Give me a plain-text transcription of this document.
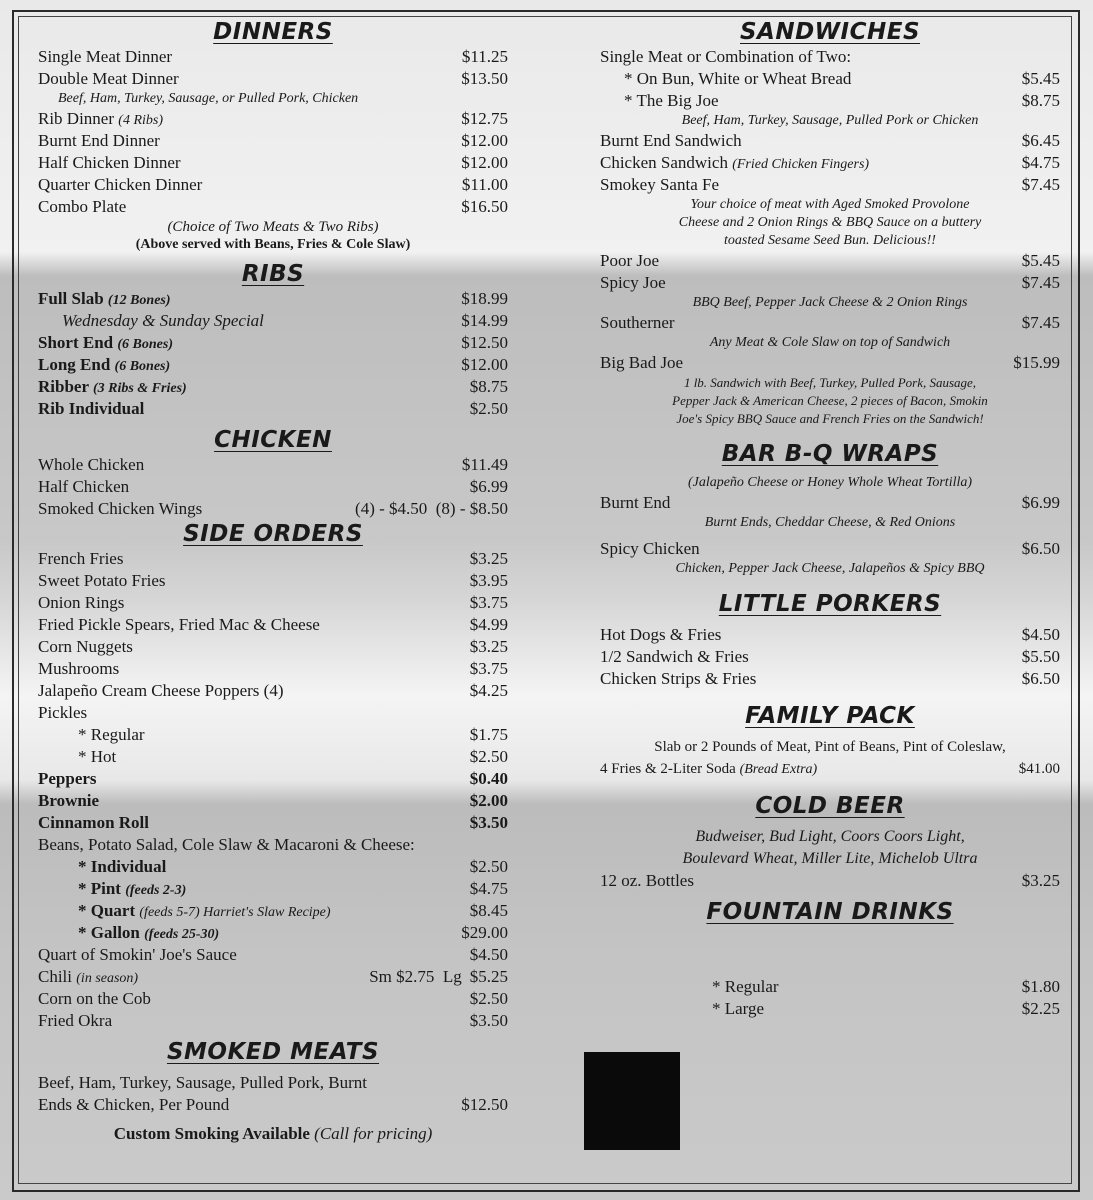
DINNERS
Single Meat Dinner	$11.25
Double Meat Dinner	$13.50
Beef, Ham, Turkey, Sausage, or Pulled Pork, Chicken
Rib Dinner (4 Ribs)	$12.75
Burnt End Dinner	$12.00
Half Chicken Dinner	$12.00
Quarter Chicken Dinner	$11.00
Combo Plate	$16.50
(Choice of Two Meats & Two Ribs)
(Above served with Beans, Fries & Cole Slaw)
RIBS
Full Slab (12 Bones)	$18.99
Wednesday & Sunday Special	$14.99
Short End (6 Bones)	$12.50
Long End (6 Bones)	$12.00
Ribber (3 Ribs & Fries)	$8.75
Rib Individual	$2.50
CHICKEN
Whole Chicken	$11.49
Half Chicken	$6.99
Smoked Chicken Wings	(4) - $4.50  (8) - $8.50
SIDE ORDERS
French Fries	$3.25
Sweet Potato Fries	$3.95
Onion Rings	$3.75
Fried Pickle Spears, Fried Mac & Cheese	$4.99
Corn Nuggets	$3.25
Mushrooms	$3.75
Jalapeño Cream Cheese Poppers (4)	$4.25
Pickles
* Regular	$1.75
* Hot	$2.50
Peppers	$0.40
Brownie	$2.00
Cinnamon Roll	$3.50
Beans, Potato Salad, Cole Slaw & Macaroni & Cheese:
* Individual	$2.50
* Pint (feeds 2-3)	$4.75
* Quart (feeds 5-7) Harriet's Slaw Recipe)	$8.45
* Gallon (feeds 25-30)	$29.00
Quart of Smokin' Joe's Sauce	$4.50
Chili (in season)	Sm $2.75  Lg $5.25
Corn on the Cob	$2.50
Fried Okra	$3.50
SMOKED MEATS
Beef, Ham, Turkey, Sausage, Pulled Pork, Burnt
Ends & Chicken, Per Pound	$12.50
Custom Smoking Available (Call for pricing)
SANDWICHES
Single Meat or Combination of Two:
* On Bun, White or Wheat Bread	$5.45
* The Big Joe	$8.75
Beef, Ham, Turkey, Sausage, Pulled Pork or Chicken
Burnt End Sandwich	$6.45
Chicken Sandwich (Fried Chicken Fingers)	$4.75
Smokey Santa Fe	$7.45
Your choice of meat with Aged Smoked Provolone
Cheese and 2 Onion Rings & BBQ Sauce on a buttery
toasted Sesame Seed Bun. Delicious!!
Poor Joe	$5.45
Spicy Joe	$7.45
BBQ Beef, Pepper Jack Cheese & 2 Onion Rings
Southerner	$7.45
Any Meat & Cole Slaw on top of Sandwich
Big Bad Joe	$15.99
1 lb. Sandwich with Beef, Turkey, Pulled Pork, Sausage,
Pepper Jack & American Cheese, 2 pieces of Bacon, Smokin
Joe's Spicy BBQ Sauce and French Fries on the Sandwich!
BAR B-Q WRAPS
(Jalapeño Cheese or Honey Whole Wheat Tortilla)
Burnt End	$6.99
Burnt Ends, Cheddar Cheese, & Red Onions
Spicy Chicken	$6.50
Chicken, Pepper Jack Cheese, Jalapeños & Spicy BBQ
LITTLE PORKERS
Hot Dogs & Fries	$4.50
1/2 Sandwich & Fries	$5.50
Chicken Strips & Fries	$6.50
FAMILY PACK
Slab or 2 Pounds of Meat, Pint of Beans, Pint of Coleslaw,
4 Fries & 2-Liter Soda (Bread Extra)	$41.00
COLD BEER
Budweiser, Bud Light, Coors Coors Light,
Boulevard Wheat, Miller Lite, Michelob Ultra
12 oz. Bottles	$3.25
FOUNTAIN DRINKS
* Regular	$1.80
* Large	$2.25
